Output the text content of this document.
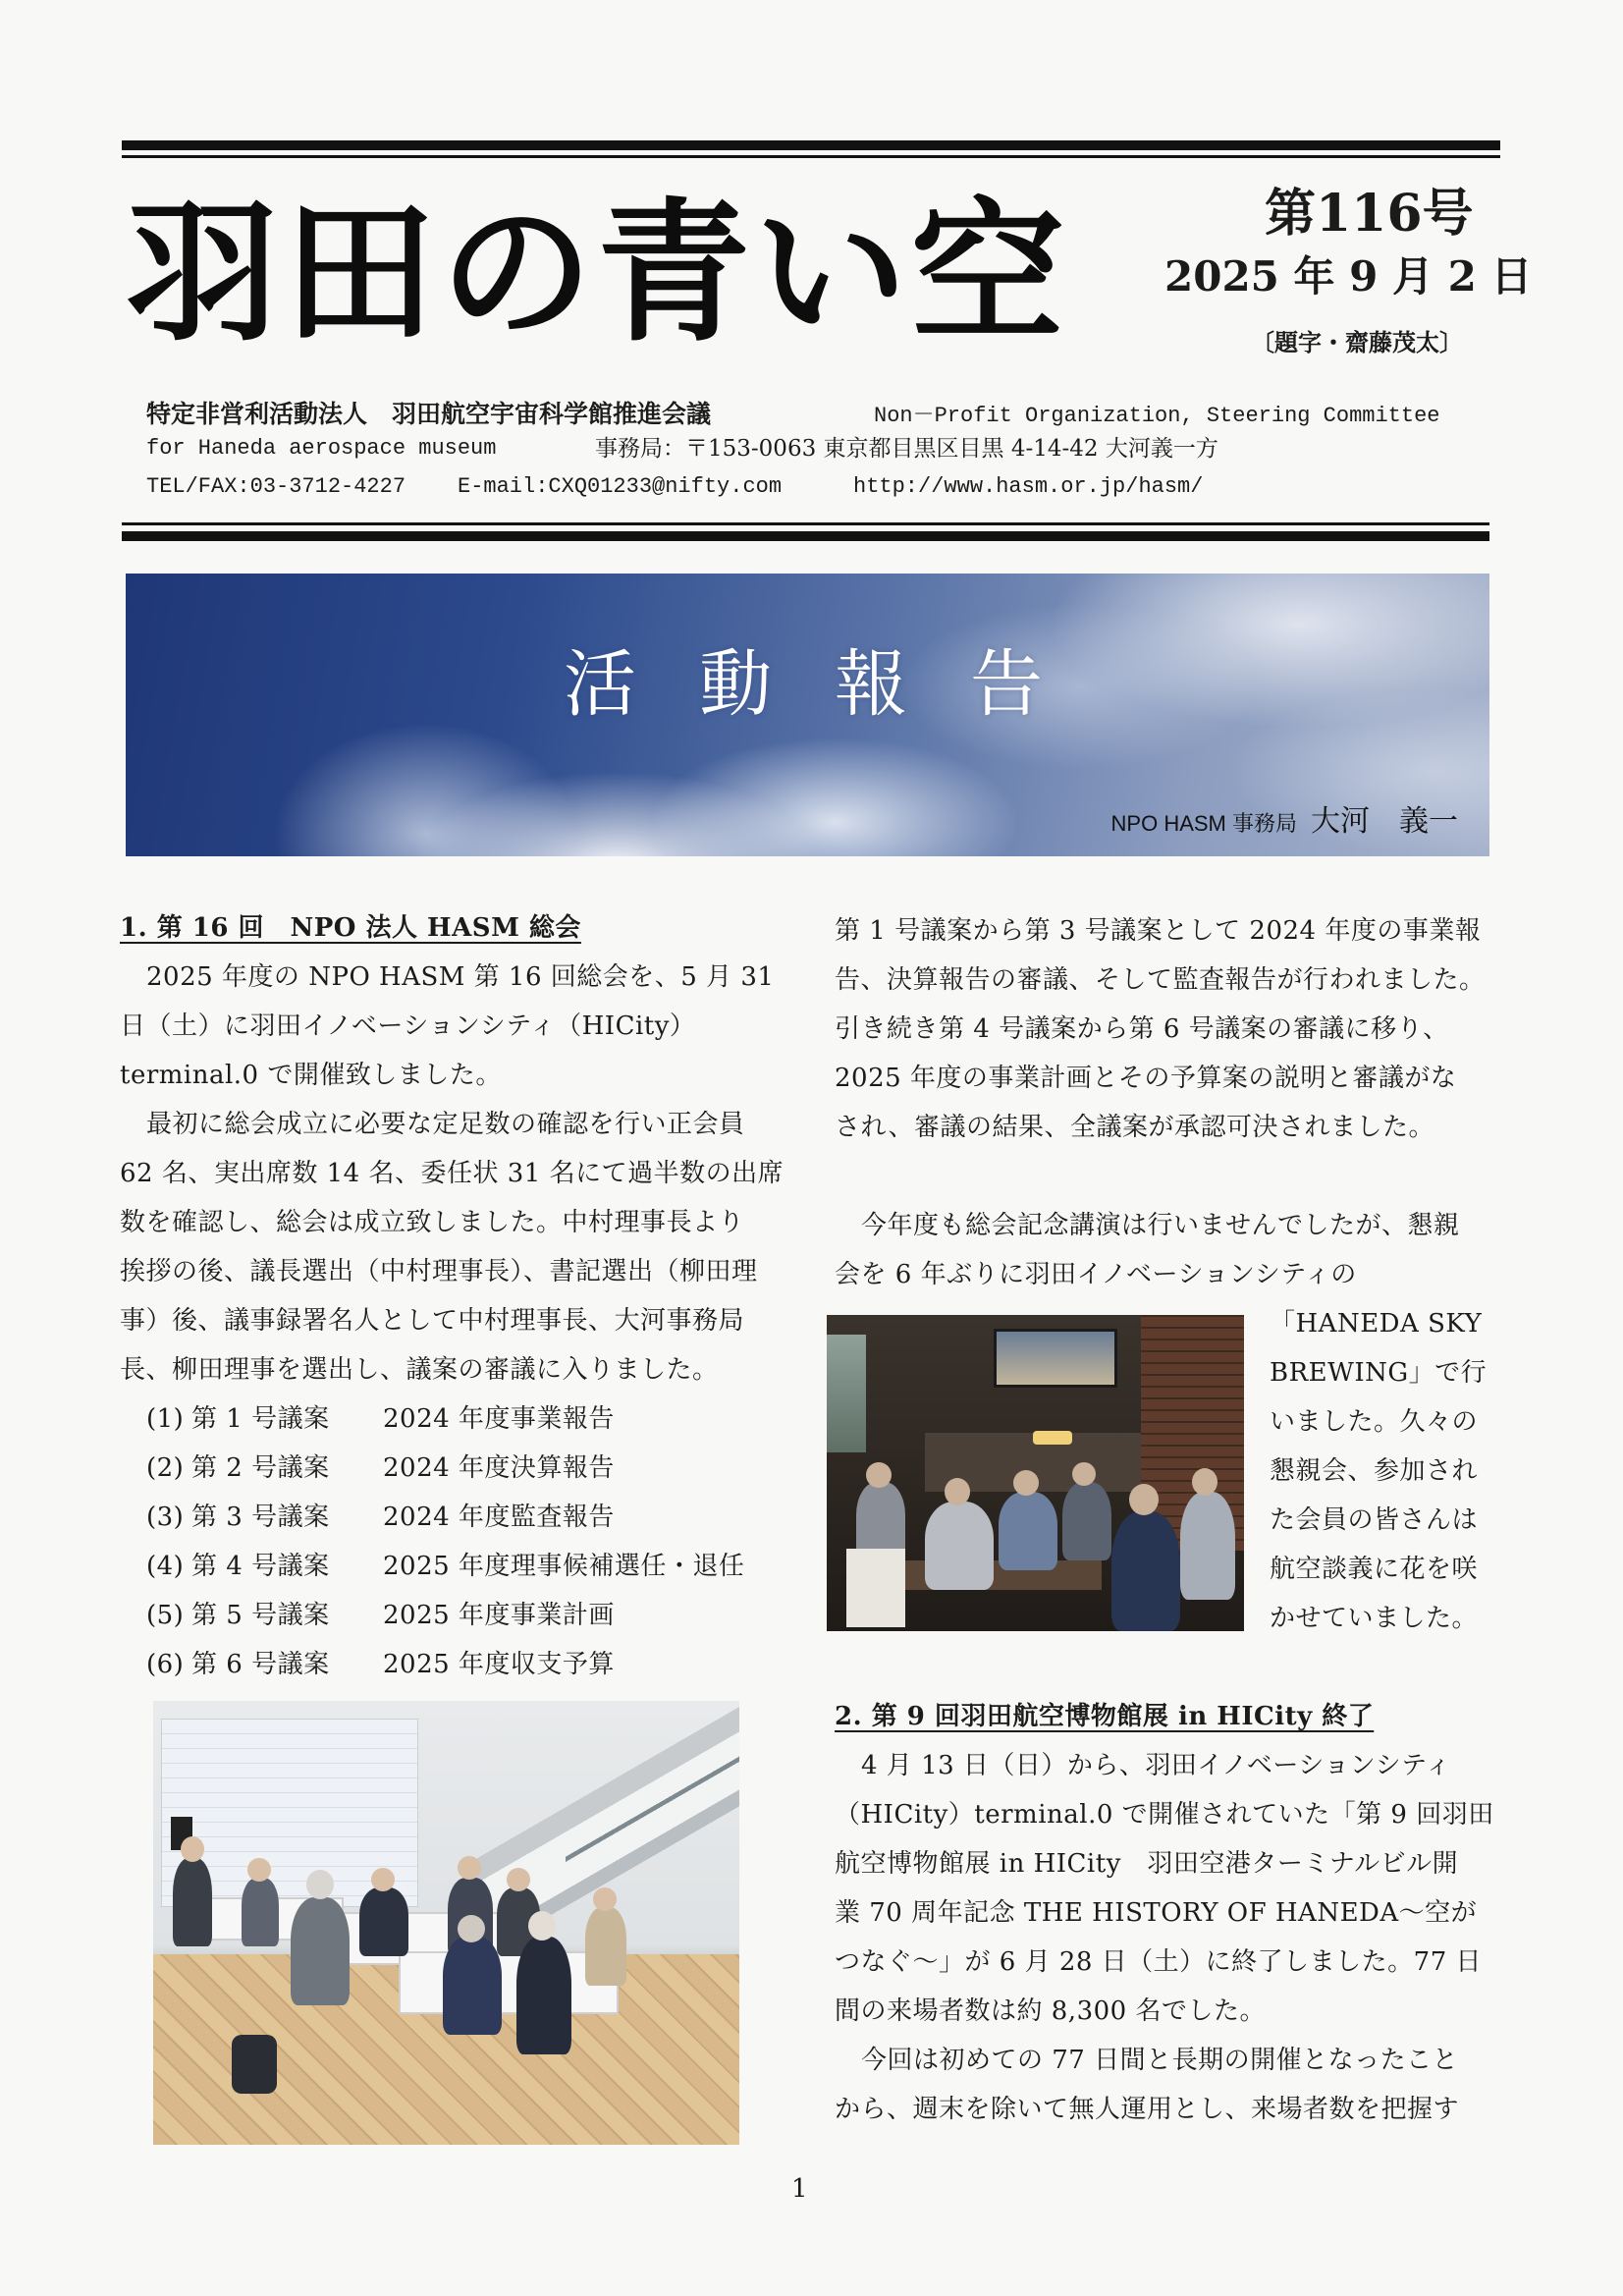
羽田の青い空	第116号
2025 年 9 月 2 日
〔題字・齋藤茂太〕
特定非営利活動法人　羽田航空宇宙科学館推進会議	Non－Profit Organization, Steering Committee
for Haneda aerospace museum	事務局：〒153-0063 東京都目黒区目黒 4-14-42 大河義一方
TEL/FAX:03-3712-4227 E-mail:CXQ01233@nifty.com	http://www.hasm.or.jp/hasm/
活動報告
NPO HASM 事務局 大河　義一
1. 第 16 回　NPO 法人 HASM 総会
2025 年度の NPO HASM 第 16 回総会を、5 月 31
日（土）に羽田イノベーションシティ（HICity）
terminal.0 で開催致しました。
最初に総会成立に必要な定足数の確認を行い正会員
62 名、実出席数 14 名、委任状 31 名にて過半数の出席
数を確認し、総会は成立致しました。中村理事長より
挨拶の後、議長選出（中村理事長）、書記選出（柳田理
事）後、議事録署名人として中村理事長、大河事務局
長、柳田理事を選出し、議案の審議に入りました。
(1) 第 1 号議案 2024 年度事業報告
(2) 第 2 号議案 2024 年度決算報告
(3) 第 3 号議案 2024 年度監査報告
(4) 第 4 号議案 2025 年度理事候補選任・退任
(5) 第 5 号議案 2025 年度事業計画
(6) 第 6 号議案 2025 年度収支予算
第 1 号議案から第 3 号議案として 2024 年度の事業報
告、決算報告の審議、そして監査報告が行われました。
引き続き第 4 号議案から第 6 号議案の審議に移り、
2025 年度の事業計画とその予算案の説明と審議がな
され、審議の結果、全議案が承認可決されました。
今年度も総会記念講演は行いませんでしたが、懇親
会を 6 年ぶりに羽田イノベーションシティの
「HANEDA SKY
BREWING」で行
いました。久々の
懇親会、参加され
た会員の皆さんは
航空談義に花を咲
かせていました。
2. 第 9 回羽田航空博物館展 in HICity 終了
4 月 13 日（日）から、羽田イノベーションシティ
（HICity）terminal.0 で開催されていた「第 9 回羽田
航空博物館展 in HICity　羽田空港ターミナルビル開
業 70 周年記念 THE HISTORY OF HANEDA～空が
つなぐ～」が 6 月 28 日（土）に終了しました。77 日
間の来場者数は約 8,300 名でした。
今回は初めての 77 日間と長期の開催となったこと
から、週末を除いて無人運用とし、来場者数を把握す
1
